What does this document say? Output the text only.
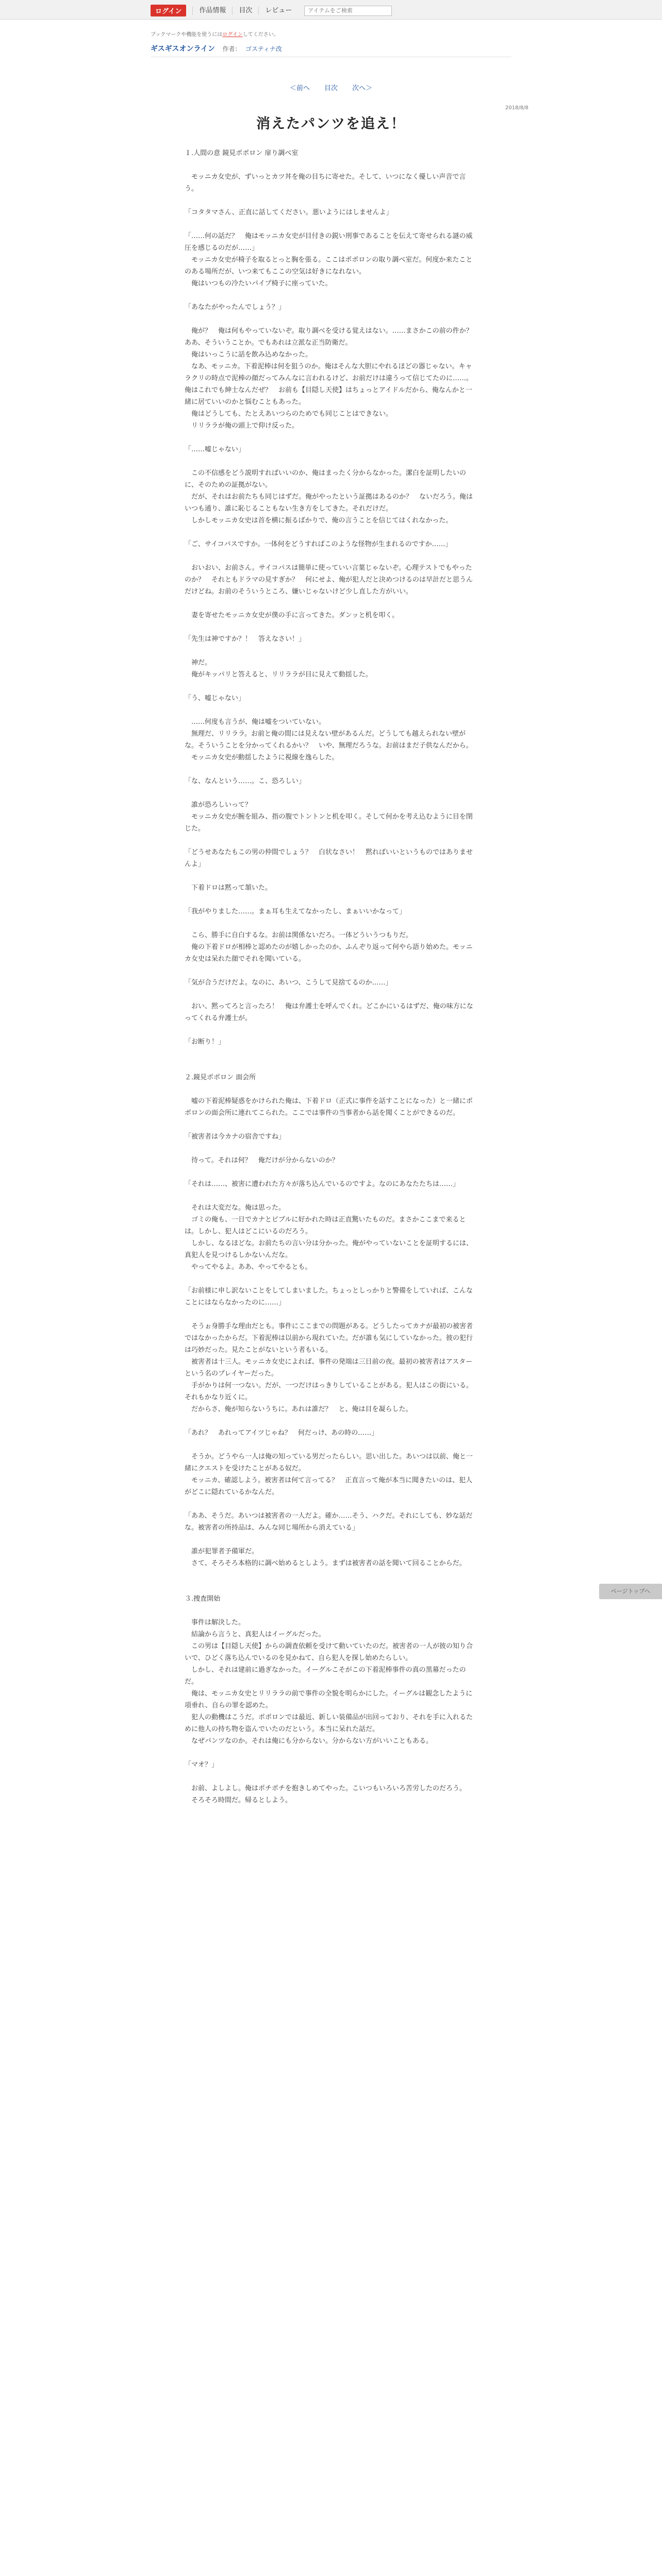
ログイン	作品情報	目次	レビュー
アイテムをご検索
ブックマークや機能を使うにはログインしてください。
ギスギスオンライン 作者： ゴスティナ改
＜前へ 目次 次へ＞
2018/8/8
消えたパンツを追え！

１.人間の意 鏡見ポポロン 扉り調べ室

　モッニカ女史が、ずいっとカツ丼を俺の目ちに寄せた。そして、いつになく優しい声音で言う。

「コタタマさん、正直に話してください。悪いようにはしませんよ」

「……何の話だ？　俺はモッニカ女史が目付きの鋭い刑事であることを伝えて寄せられる謎の威圧を感じるのだが……」

　モッニカ女史が椅子を取るとっと胸を張る。ここはポポロンの取り調べ室だ。何度か来たことのある場所だが、いつ来てもここの空気は好きになれない。

　俺はいつもの冷たいパイプ椅子に座っていた。

「あなたがやったんでしょう？」

　俺が？　俺は何もやっていないぞ。取り調べを受ける覚えはない。……まさかこの前の件か？　ああ、そういうことか。でもあれは立派な正当防衛だ。

　俺はいっこうに話を飲み込めなかった。

　なあ、モッニカ。下着泥棒は何を狙うのか。俺はそんな大胆にやれるほどの器じゃない。キャラクリの時点で泥棒の顔だってみんなに言われるけど、お前だけは違うって信じてたのに……。俺はこれでも紳士なんだぜ？　お前も【目隠し天使】はちょっとアイドルだから、俺なんかと一緒に居ていいのかと悩むこともあった。

　俺はどうしても、たとえあいつらのためでも同じことはできない。

　リリララが俺の頭上で仰け反った。

「……嘘じゃない」

　この不信感をどう説明すればいいのか、俺はまったく分からなかった。潔白を証明したいのに、そのための証拠がない。

　だが、それはお前たちも同じはずだ。俺がやったという証拠はあるのか？　ないだろう。俺はいつも通り、誰に恥じることもない生き方をしてきた。それだけだ。

　しかしモッニカ女史は首を横に振るばかりで、俺の言うことを信じてはくれなかった。

「ご、サイコパスですか。一体何をどうすればこのような怪物が生まれるのですか……」

　おいおい、お前さん。サイコパスは簡単に使っていい言葉じゃないぞ。心理テストでもやったのか？　それともドラマの見すぎか？　何にせよ、俺が犯人だと決めつけるのは早計だと思うんだけどね。お前のそういうところ、嫌いじゃないけど少し直した方がいい。

　妻を寄せたモッニカ女史が僕の手に言ってきた。ダンッと机を叩く。

「先生は神ですか？！　答えなさい！」

　神だ。

　俺がキッパリと答えると、リリララが目に見えて動揺した。

「う、嘘じゃない」

　……何度も言うが、俺は嘘をついていない。

　無理だ、リリララ。お前と俺の間には見えない壁があるんだ。どうしても越えられない壁がな。そういうことを分かってくれるかい？　いや、無理だろうな。お前はまだ子供なんだから。

　モッニカ女史が動揺したように視線を逸らした。

「な、なんという……。こ、恐ろしい」

　誰が恐ろしいって？

　モッニカ女史が腕を組み、指の腹でトントンと机を叩く。そして何かを考え込むように目を閉じた。

「どうせあなたもこの男の仲間でしょう？　白状なさい！　黙ればいいというものではありませんよ」

　下着ドロは黙って頷いた。

「我がやりました……。まぁ耳も生えてなかったし、まぁいいかなって」

　こら、勝手に自白するな。お前は関係ないだろ。一体どういうつもりだ。

　俺の下着ドロが相棒と認めたのが嬉しかったのか、ふんぞり返って何やら語り始めた。モッニカ女史は呆れた顔でそれを聞いている。

「気が合うだけだよ。なのに、あいつ、こうして見捨てるのか……」

　おい、黙ってろと言ったろ！　俺は弁護士を呼んでくれ。どこかにいるはずだ、俺の味方になってくれる弁護士が。

「お断り！」

２.鏡見ポポロン 面会所

　嘘の下着泥棒疑惑をかけられた俺は、下着ドロ（正式に事件を話すことになった）と一緒にポポロンの面会所に連れてこられた。ここでは事件の当事者から話を聞くことができるのだ。

「被害者は今カナの宿舎ですね」

　待って。それは何？　俺だけが分からないのか？

「それは……、被害に遭われた方々が落ち込んでいるのですよ。なのにあなたたちは……」

　それは大変だな。俺は思った。

　ゴミの俺も、一日でカナとピブルに好かれた時は正直驚いたものだ。まさかここまで来るとは。しかし、犯人はどこにいるのだろう。

　しかし、なるほどな。お前たちの言い分は分かった。俺がやっていないことを証明するには、真犯人を見つけるしかないんだな。

　やってやるよ。ああ、やってやるとも。

「お前様に申し訳ないことをしてしまいました。ちょっとしっかりと警備をしていれば、こんなことにはならなかったのに……」

　そうぉ身勝手な理由だとも。事件にここまでの問題がある。どうしたってカナが最初の被害者ではなかったからだ。下着泥棒は以前から現れていた。だが誰も気にしていなかった。彼の犯行は巧妙だった。見たことがないという者もいる。

　被害者は十三人。モッニカ女史によれば、事件の発端は三日前の夜。最初の被害者はアスターという名のプレイヤーだった。

　手がかりは何一つない。だが、一つだけはっきりしていることがある。犯人はこの街にいる。それもかなり近くに。

　だからさ、俺が知らないうちに。あれは誰だ？　と、俺は目を凝らした。

「あれ？　あれってアイツじゃね？　何だっけ、あの時の……」

　そうか。どうやら一人は俺の知っている男だったらしい。思い出した。あいつは以前、俺と一緒にクエストを受けたことがある奴だ。

　モッニカ、確認しよう。被害者は何て言ってる？　正直言って俺が本当に聞きたいのは、犯人がどこに隠れているかなんだ。

「ああ、そうだ。あいつは被害者の一人だよ。確か……そう、ハクだ。それにしても、妙な話だな。被害者の所持品は、みんな同じ場所から消えている」

　誰が犯罪者予備軍だ。

　さて、そろそろ本格的に調べ始めるとしよう。まずは被害者の話を聞いて回ることからだ。

３.捜査開始

　事件は解決した。

　結論から言うと、真犯人はイーグルだった。

　この男は【目隠し天使】からの調査依頼を受けて動いていたのだ。被害者の一人が彼の知り合いで、ひどく落ち込んでいるのを見かねて、自ら犯人を探し始めたらしい。

　しかし、それは建前に過ぎなかった。イーグルこそがこの下着泥棒事件の真の黒幕だったのだ。

　俺は、モッニカ女史とリリララの前で事件の全貌を明らかにした。イーグルは観念したように項垂れ、自らの罪を認めた。

　犯人の動機はこうだ。ポポロンでは最近、新しい装備品が出回っており、それを手に入れるために他人の持ち物を盗んでいたのだという。本当に呆れた話だ。

　なぜパンツなのか。それは俺にも分からない。分からない方がいいこともある。

「マオ？」

　お前、よしよし。俺はポチポチを抱きしめてやった。こいつもいろいろ苦労したのだろう。

　そろそろ時間だ。帰るとしよう。

ページトップへ
